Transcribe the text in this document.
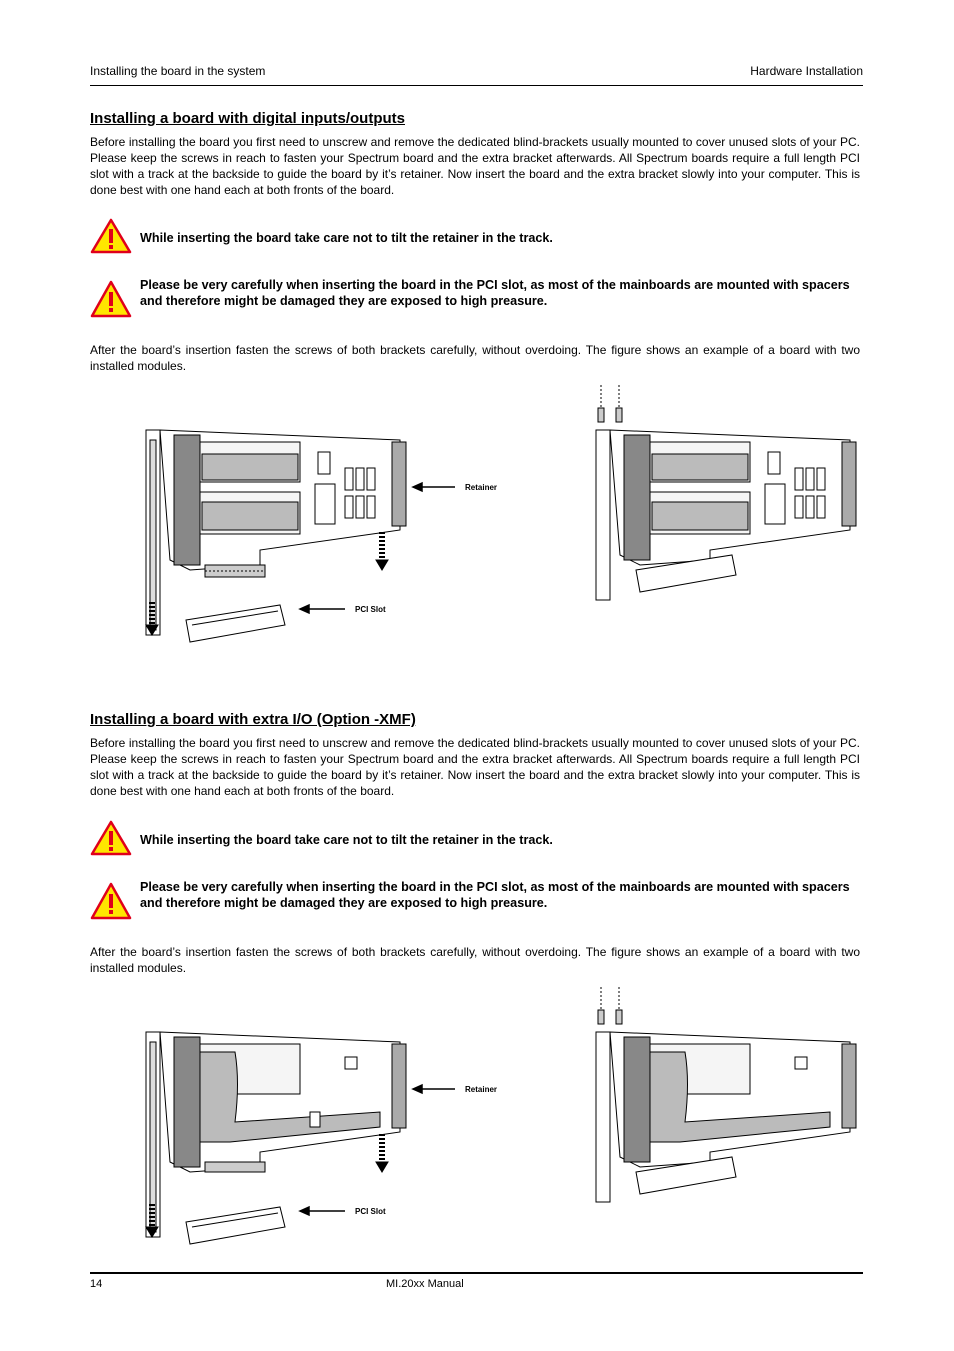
Installing the board in the system	Hardware Installation
Installing a board with digital inputs/outputs
Before installing the board you first need to unscrew and remove the dedicated blind-brackets usually mounted to cover unused slots of your PC. Please keep the screws in reach to fasten your Spectrum board and the extra bracket afterwards. All Spectrum boards require a full length PCI slot with a track at the backside to guide the board by it’s retainer. Now insert the board and the extra bracket slowly into your computer. This is done best with one hand each at both fronts of the board.
While inserting the board take care not to tilt the retainer in the track.
Please be very carefully when inserting the board in the PCI slot, as most of the mainboards are mounted with spacers and therefore might be damaged they are exposed to high preasure.
After the board’s insertion fasten the screws of both brackets carefully, without overdoing. The figure shows an example of a board with two installed modules.
Retainer
PCI Slot
Installing a board with extra I/O (Option -XMF)
Before installing the board you first need to unscrew and remove the dedicated blind-brackets usually mounted to cover unused slots of your PC. Please keep the screws in reach to fasten your Spectrum board and the extra bracket afterwards. All Spectrum boards require a full length PCI slot with a track at the backside to guide the board by it’s retainer. Now insert the board and the extra bracket slowly into your computer. This is done best with one hand each at both fronts of the board.
While inserting the board take care not to tilt the retainer in the track.
Please be very carefully when inserting the board in the PCI slot, as most of the mainboards are mounted with spacers and therefore might be damaged they are exposed to high preasure.
After the board’s insertion fasten the screws of both brackets carefully, without overdoing. The figure shows an example of a board with two installed modules.
Retainer
PCI Slot
14	MI.20xx Manual
